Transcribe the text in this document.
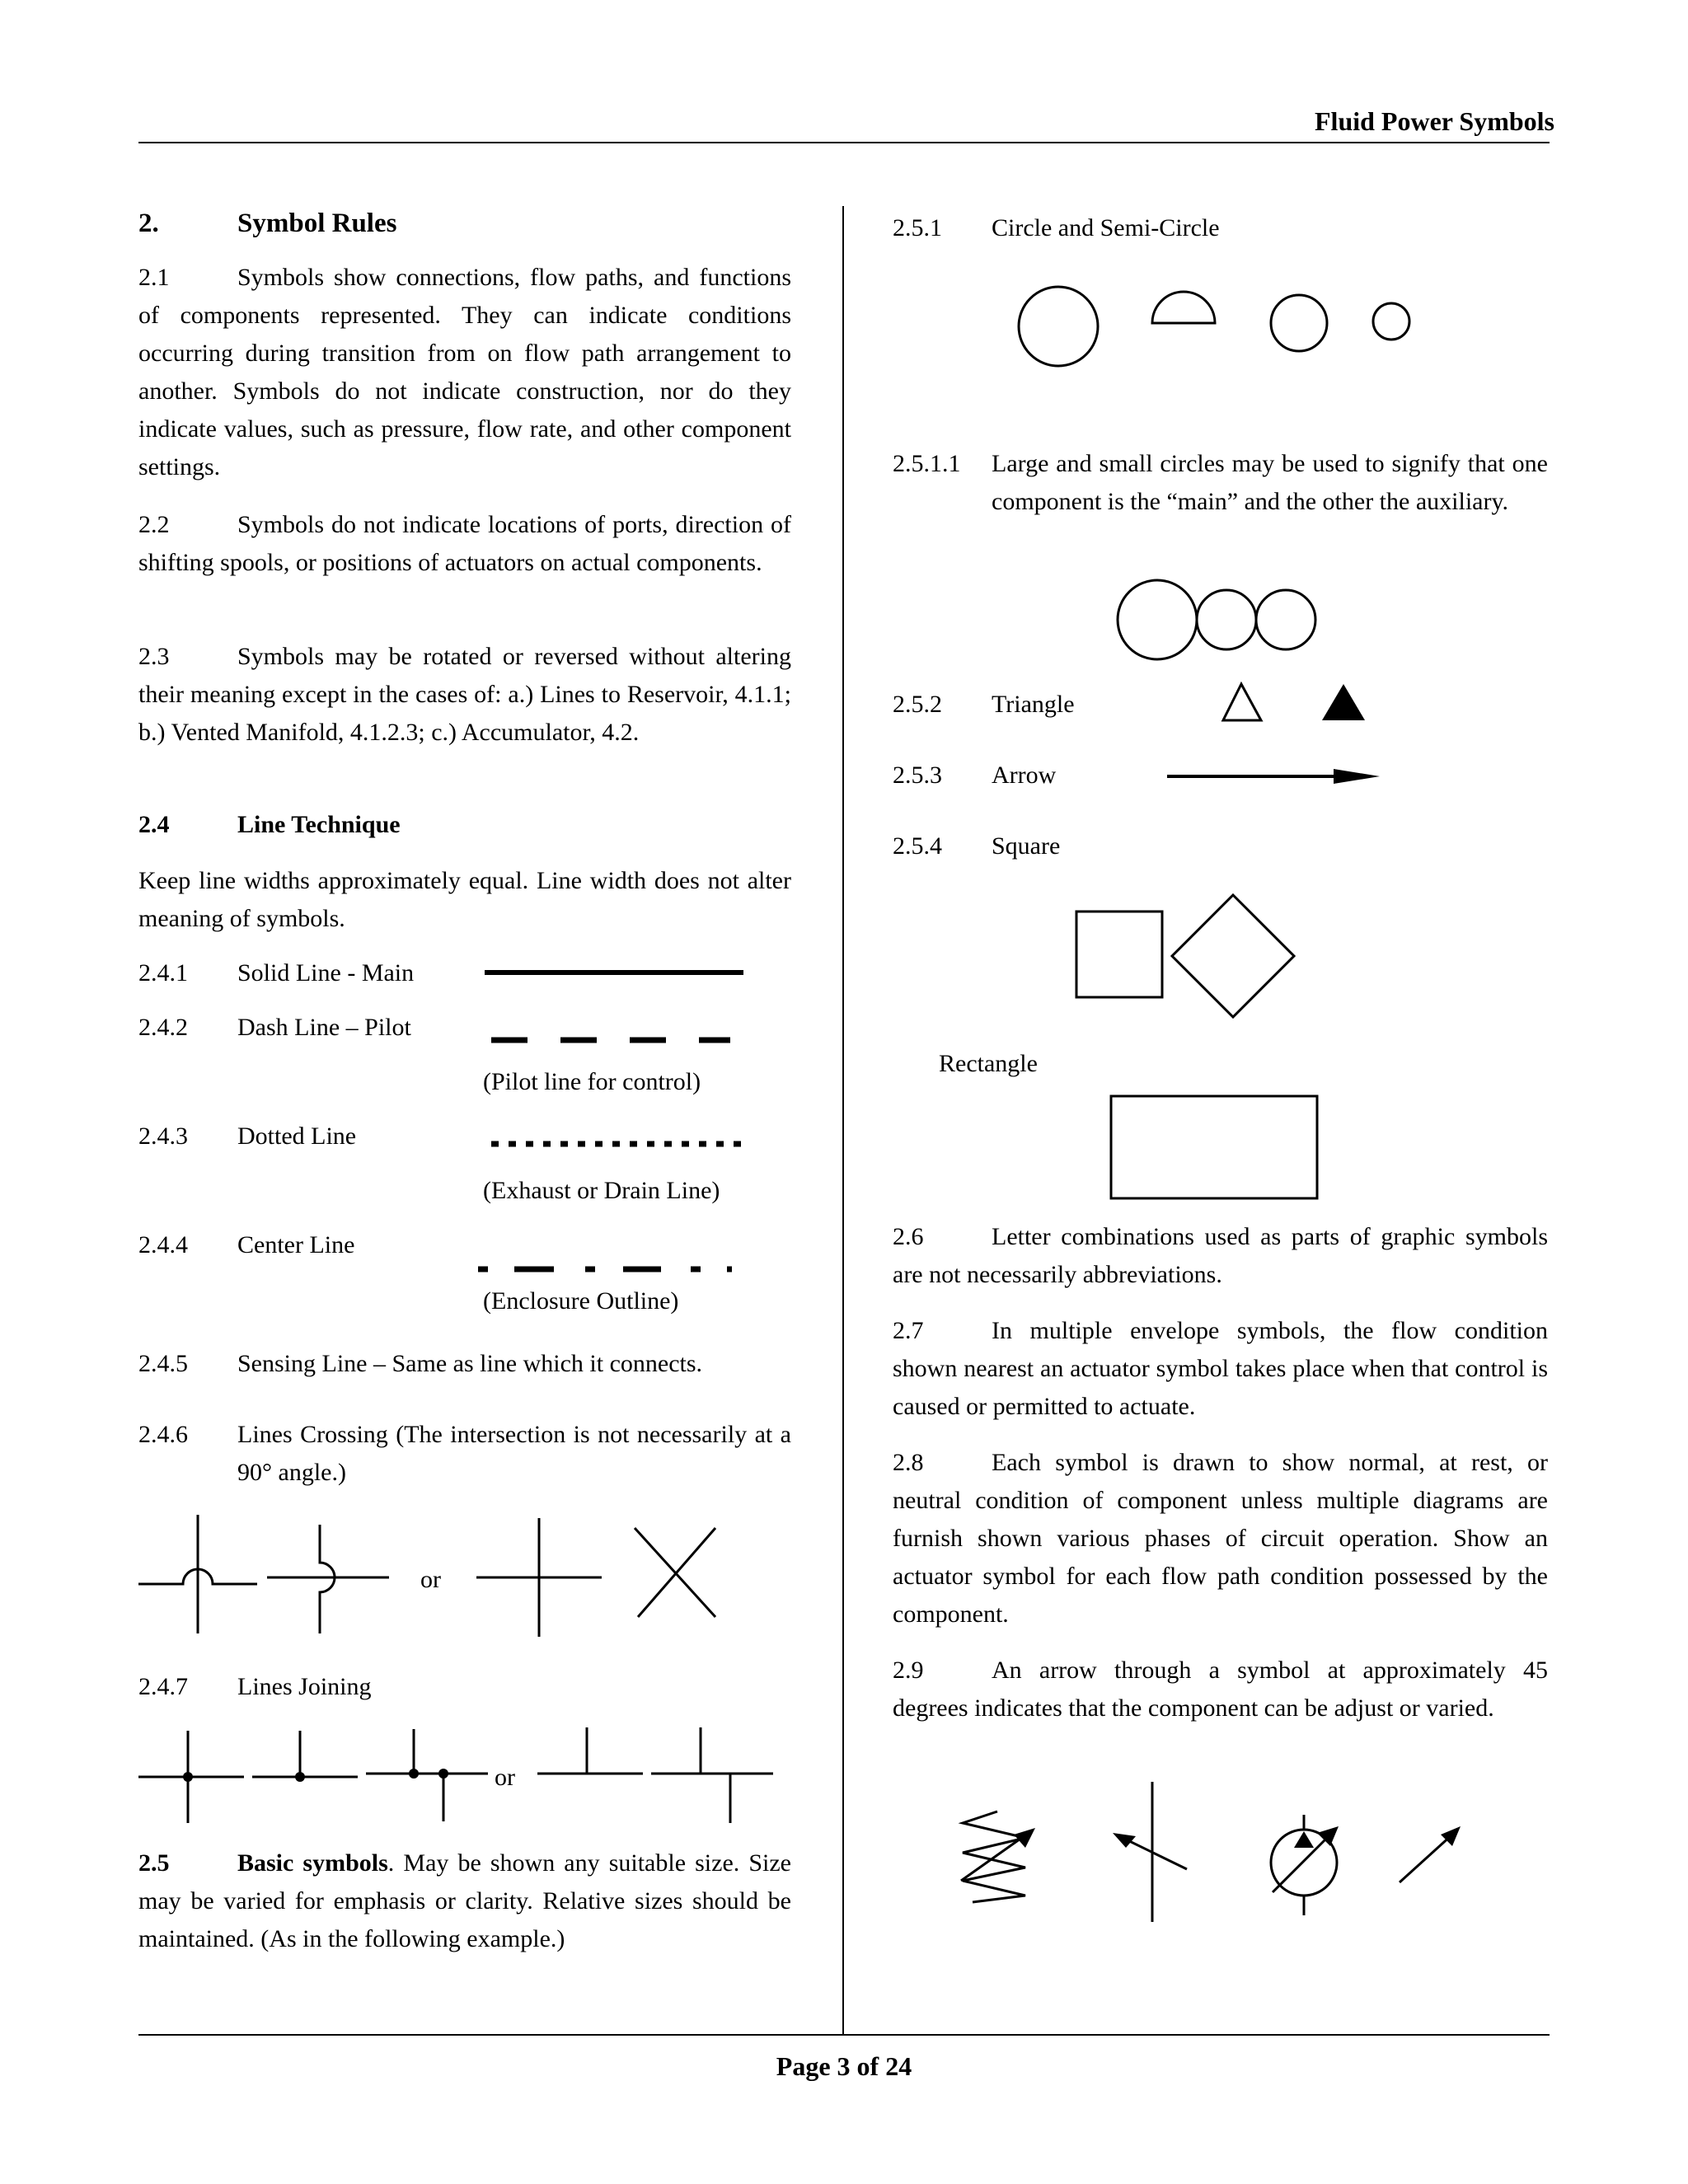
Fluid Power Symbols
2.	Symbol Rules
2.1	Symbols show connections, flow paths, and functions of components represented. They can indicate conditions occurring during transition from on flow path arrangement to another. Symbols do not indicate construction, nor do they indicate values, such as pressure, flow rate, and other component settings.
2.2	Symbols do not indicate locations of ports, direction of shifting spools, or positions of actuators on actual components.
2.3	Symbols may be rotated or reversed without altering their meaning except in the cases of: a.) Lines to Reservoir, 4.1.1; b.) Vented Manifold, 4.1.2.3; c.) Accumulator, 4.2.
2.4	Line Technique
Keep line widths approximately equal. Line width does not alter meaning of symbols.
2.4.1 Solid Line - Main
2.4.2 Dash Line – Pilot
(Pilot line for control)
2.4.3 Dotted Line
(Exhaust or Drain Line)
2.4.4 Center Line
(Enclosure Outline)
2.4.5 Sensing Line – Same as line which it connects.
2.4.6 Lines Crossing (The intersection is not necessarily at a 90° angle.)
or
2.4.7 Lines Joining
or
2.5	Basic symbols. May be shown any suitable size. Size may be varied for emphasis or clarity. Relative sizes should be maintained. (As in the following example.)
2.5.1 Circle and Semi-Circle
2.5.1.1 Large and small circles may be used to signify that one component is the “main” and the other the auxiliary.
2.5.2 Triangle
2.5.3 Arrow
2.5.4 Square
Rectangle
2.6	Letter combinations used as parts of graphic symbols are not necessarily abbreviations.
2.7	In multiple envelope symbols, the flow condition shown nearest an actuator symbol takes place when that control is caused or permitted to actuate.
2.8	Each symbol is drawn to show normal, at rest, or neutral condition of component unless multiple diagrams are furnish shown various phases of circuit operation. Show an actuator symbol for each flow path condition possessed by the component.
2.9	An arrow through a symbol at approximately 45 degrees indicates that the component can be adjust or varied.
Page 3 of 24
